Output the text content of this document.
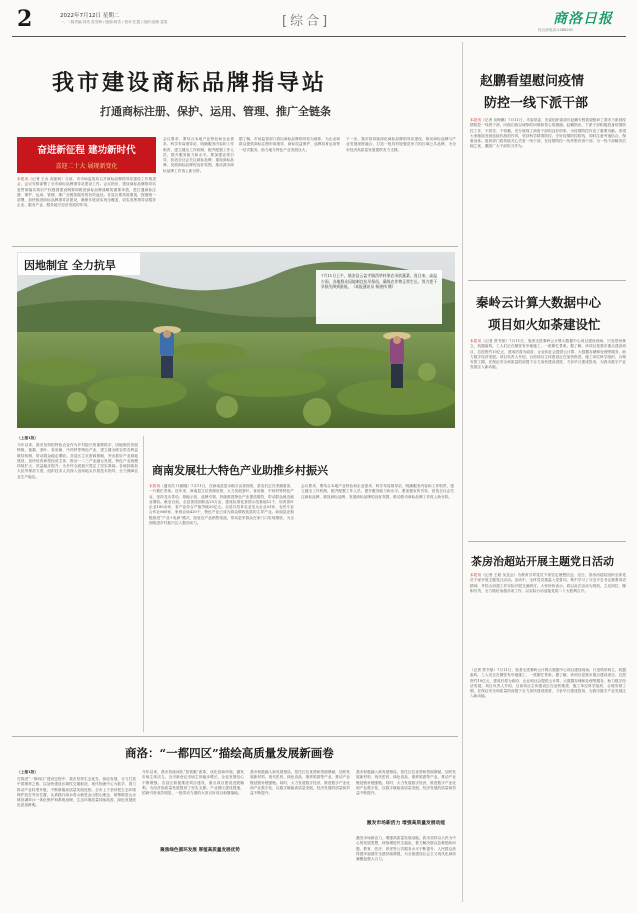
2	2022年7月12日 星期二
一、二版责编:刘英 张雪梅 / 版面:蒋雪 / 校对:庄霞 / 组织:赵萌 雷玺	[综合]	商洛日报
综合部电话:2386292
我市建设商标品牌指导站
打通商标注册、保护、运用、管理、推广全链条
奋进新征程 建功新时代
喜迎二十大 展现新变化
本报讯（记者 王贞 高振何）日前，市市场监管局召开商标品牌指导站建设工作推进会，会议安排部署了全市商标品牌指导站建设工作。会议指出，建设商标品牌指导站是贯彻落实知识产权强国建设纲要和推进商标品牌战略的重要举措，是打通商标注册、保护、运用、管理、推广全链条服务的有效途径。各县区要高度重视，按照统一部署，加快推进商标品牌指导站建设，确保年底前实现全覆盖，切实发挥指导站服务企业、服务产业、服务地方经济发展的作用。
会议要求，要结合本地产业特色和企业需求，科学布局指导站，明确服务内容和工作职责，建立健全工作机制，配齐配强工作人员，提升服务能力和水平。要加强宣传引导，营造全社会关注商标品牌、重视商标品牌、发展商标品牌的良好氛围，推动我市商标品牌工作再上新台阶。
据了解，市场监管部门将以商标品牌指导站为载体，为企业和群众提供商标注册申请指导、商标权益保护、品牌培育运用等一站式服务，助力地方特色产业发展壮大。
下一步，我市将持续深化商标品牌指导站建设，推动商标品牌与产业发展深度融合，打造一批具有较强竞争力的区域公共品牌，为全市经济高质量发展提供有力支撑。
因地制宜 全力抗旱
7月11日上午，镇安县云盖寺镇西华村果农采收蔬菜，连日来，高温少雨，各地群众因地制宜抗旱保苗，确保农作物正常生长，努力把干旱损失降到最低。（本报通讯员 杨建伟 摄）
（上接1版）
今年以来，我市坚持把特色农业作为乡村振兴的重要抓手，因地制宜发展核桃、板栗、茶叶、食用菌、中药材等特色产业，建立健全联农带农利益联结机制，带动群众稳定增收。各县区立足资源禀赋，突出抓好产业基地建设，加快培育新型经营主体，推动一二三产业融合发展，特色产业规模持续扩大、效益稳步提升，为乡村全面振兴奠定了坚实基础。各地持续加大抗旱保苗力度，组织技术人员深入田间地头开展技术指导，全力保障农业生产稳定。	商南发展壮大特色产业助推乡村振兴
本报讯（通讯员 代朝刚）7月11日，在商南县富水镇万亩茶园里，茶农们正在采摘夏茶，一片繁忙景象。近年来，商南县立足资源优势，大力发展茶叶、食用菌、中药材等特色产业，坚持龙头带动、基地示范、品牌引领，持续推进特色产业提质增效，带动群众就近就业增收。截至目前，全县茶园面积达25万亩，建成标准化茶园示范基地12个，培育茶叶企业180余家，茶产业综合产值突破20亿元。全县共培育农业龙头企业53家、农民专业合作社860家、家庭农场420个，特色产业已成为群众增收致富的主导产业。商南县还积极推进“产业+电商”模式，拓宽农产品销售渠道，带动更多群众在家门口实现增收，为全面推进乡村振兴注入强劲动力。
会议要求，要结合本地产业特色和企业需求，科学布局指导站，明确服务内容和工作职责，建立健全工作机制，配齐配强工作人员，提升服务能力和水平。要加强宣传引导，营造全社会关注商标品牌、重视商标品牌、发展商标品牌的良好氛围，推动我市商标品牌工作再上新台阶。
商洛：“一都四区”描绘高质量发展新画卷
（上接1版）
在推进“一都四区”建设过程中，我市坚持生态优先、绿色发展，全力打造中国康养之都，以加快建设区域性交通枢纽、现代物流中心为抓手，着力推动产业转型升级，不断厚植高质量发展优势。全市上下坚持把生态环境保护放在突出位置，认真践行绿水青山就是金山银山理念，统筹推进山水林田湖草沙一体化保护和系统治理，生态环境质量持续改善，绿色发展底色更加鲜明。
今年以来，我市持续深化“放管服”改革，优化营商环境，激发市场主体活力。全市新登记市场主体稳步增长，企业发展信心不断增强。各县区积极推进项目建设，重点项目建设进展顺利，为经济高质量发展提供了坚实支撑。产业园区建设提速，招商引资成效明显，一批带动力强的大项目好项目相继落地。
聚焦绿色循环发展 厚植高质量发展优势
我市积极融入新发展格局，依托区位优势和资源禀赋，加快发展新材料、现代医药、绿色食品、康养旅游等产业，推动产业链延链补链强链。同时，大力发展数字经济，推进数字产业化和产业数字化，以数字赋能高质量发展，经济发展的质量和效益不断提升。
激发市场新活力 增强高质量发展动能
激发市场新活力，增强高质量发展动能。我市坚持以人民为中心的发展思想，持续增进民生福祉，着力解决群众急难愁盼问题，教育、医疗、养老等公共服务水平不断提升，人民群众获得感幸福感安全感持续增强，为全面建设社会主义现代化商洛凝聚起强大合力。
我市积极融入新发展格局，依托区位优势和资源禀赋，加快发展新材料、现代医药、绿色食品、康养旅游等产业，推动产业链延链补链强链。同时，大力发展数字经济，推进数字产业化和产业数字化，以数字赋能高质量发展，经济发展的质量和效益不断提升。
赵鹏看望慰问疫情
防控一线下派干部
本报讯（记者 吴海鹏）7月11日，市委常委、市委组织部部长赵鹏专程看望慰问了我市下派到疫情防控一线的干部，向他们致以诚挚的问候和衷心的感谢。赵鹏指出，下派干部积极投身疫情防控工作，不怕苦、不怕累，充分展现了商洛干部的良好形象，为疫情防控作出了重要贡献。希望大家继续发扬连续作战的作风，坚持科学精准防控，守好疫情防控防线，同时注意劳逸结合，保重身体。组织部门将持续关心关爱一线干部，在疫情防控一线考察识别干部，为一线干部解决后顾之忧，激励广大干部担当作为。
秦岭云计算大数据中心
项目如火如荼建设忙
本报讯（记者 贾书豪）7月11日，笔者走进秦岭云计算大数据中心项目建设现场，只见塔吊林立，机器轰鸣，工人们正在紧张有序地施工，一派繁忙景象。据了解，该项目是我市重点建设项目，总投资约10亿元，建成后将为政府、企业和社会提供云计算、大数据存储和处理等服务，助力数字经济发展。项目负责人介绍，目前项目主体建设正在加快推进，施工单位科学组织，合理安排工期，在保证安全和质量的前提下全力加快建设进度，力争早日建成投用，为我市数字产业发展注入新动能。
茶房治超站开展主题党日活动
本报讯（记者 王聪 吴亚会）为教育引导党员干部坚定理想信念，近日，茶房治超站组织全体党员干部开展主题党日活动。活动中，全体党员重温入党誓词，集中学习了习近平总书记重要讲话精神，并结合治超工作实际开展交流研讨。大家纷纷表示，将以此次活动为契机，立足岗位、履职尽责，全力做好治超各项工作，以实际行动迎接党的二十大胜利召开。
（记者 贾书豪）7月11日，笔者走进秦岭云计算大数据中心项目建设现场，只见塔吊林立，机器轰鸣，工人们正在紧张有序地施工，一派繁忙景象。据了解，该项目是我市重点建设项目，总投资约10亿元，建成后将为政府、企业和社会提供云计算、大数据存储和处理等服务，助力数字经济发展。项目负责人介绍，目前项目主体建设正在加快推进，施工单位科学组织，合理安排工期，在保证安全和质量的前提下全力加快建设进度，力争早日建成投用，为我市数字产业发展注入新动能。
